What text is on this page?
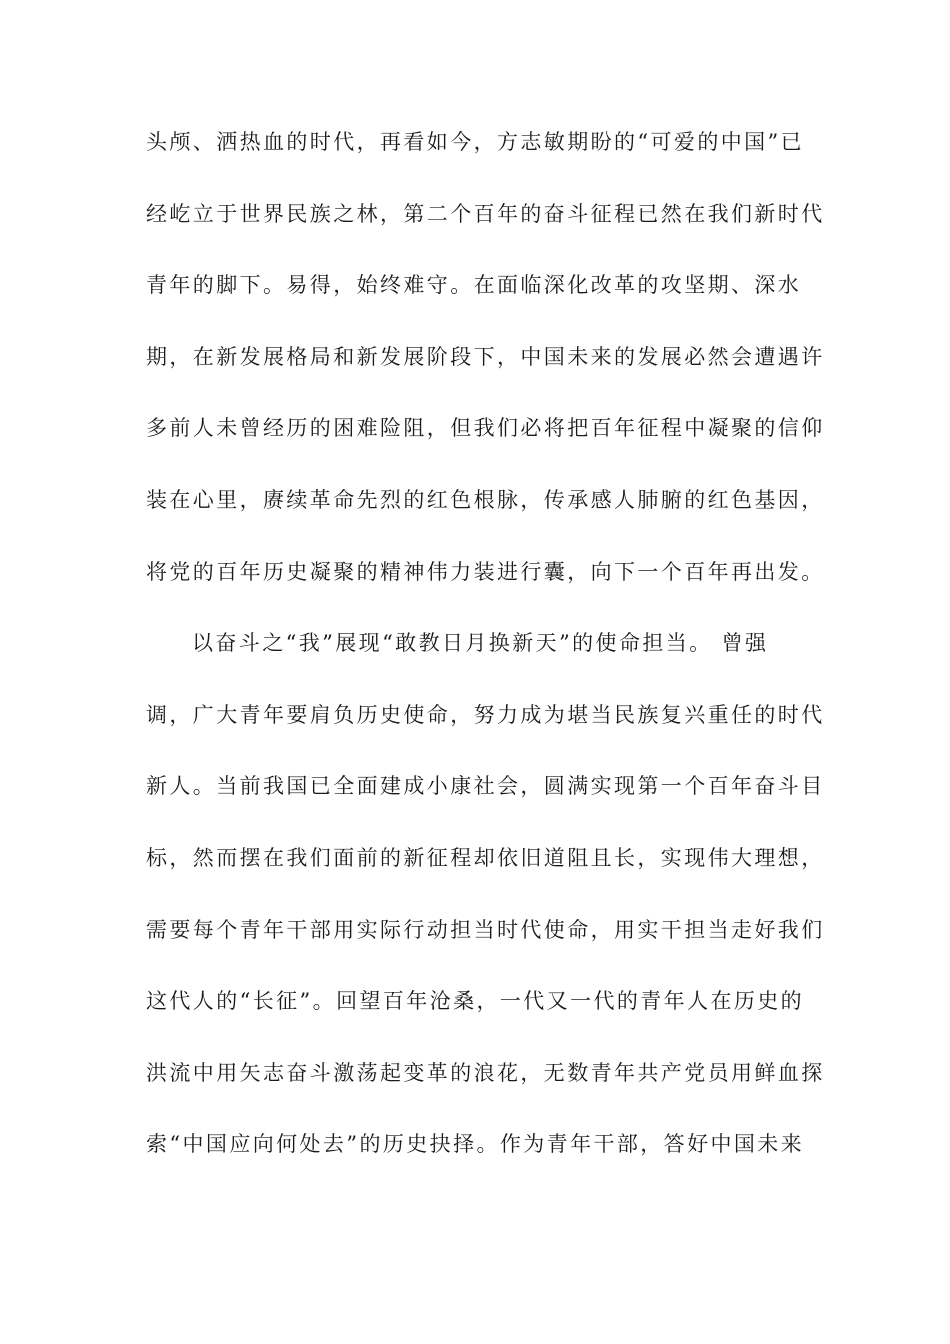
头颅、洒热血的时代，再看如今，方志敏期盼的“可爱的中国”已
经屹立于世界民族之林，第二个百年的奋斗征程已然在我们新时代
青年的脚下。易得，始终难守。在面临深化改革的攻坚期、深水
期，在新发展格局和新发展阶段下，中国未来的发展必然会遭遇许
多前人未曾经历的困难险阻，但我们必将把百年征程中凝聚的信仰
装在心里，赓续革命先烈的红色根脉，传承感人肺腑的红色基因，
将党的百年历史凝聚的精神伟力装进行囊，向下一个百年再出发。
以奋斗之“我”展现“敢教日月换新天”的使命担当。 曾强
调，广大青年要肩负历史使命，努力成为堪当民族复兴重任的时代
新人。当前我国已全面建成小康社会，圆满实现第一个百年奋斗目
标，然而摆在我们面前的新征程却依旧道阻且长，实现伟大理想，
需要每个青年干部用实际行动担当时代使命，用实干担当走好我们
这代人的“长征”。回望百年沧桑，一代又一代的青年人在历史的
洪流中用矢志奋斗激荡起变革的浪花，无数青年共产党员用鲜血探
索“中国应向何处去”的历史抉择。作为青年干部，答好中国未来
